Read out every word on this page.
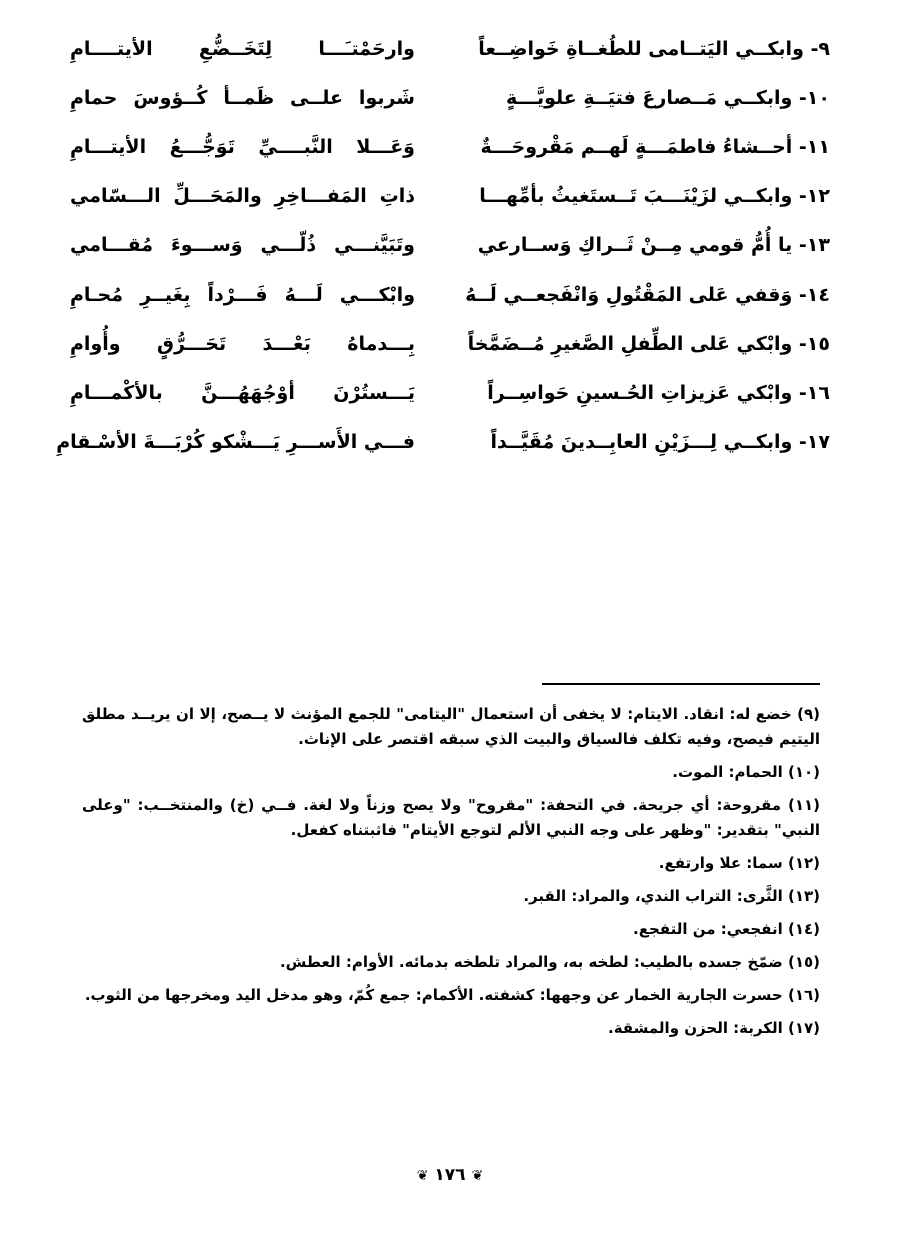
٩- وابكــي اليَتــامى للطُغــاةِ خَواضِــعاً
وارحَمْتـَـــا لِتَخَــضُّعِ الأيتــــامِ
١٠- وابكــي مَــصارعَ فتيَــةِ علويَّـــةٍ
شَربوا علــى ظَمــأ كُــؤوسَ حمامِ
١١- أحــشاءُ فاطمَـــةٍ لَهــم مَقْروحَـــةٌ
وَعَـــلا النَّبــــيِّ تَوَجُّـــعُ الأيتـــامِ
١٢- وابكــي لزَيْنَـــبَ تَــستَغيثُ بأمِّهـــا
ذاتِ المَفـــاخِرِ والمَحَـــلِّ الـــسّامي
١٣- يا أُمُّ قومي مِــنْ ثَــراكِ وَســارعي
وتَبَيَّنـــي ذُلّـــي وَســـوءَ مُقـــامي
١٤- وَقفي عَلى المَقْتُولِ وَانْفَجعــي لَــهُ
وابْكـــي لَـــهُ فَـــرْداً بِغَيــرِ مُحـامِ
١٥- وابْكي عَلى الطِّفلِ الصَّغيرِ مُــضَمَّخاً
بِـــدماهُ بَعْـــدَ تَحَـــرُّقٍ وأُوامِ
١٦- وابْكي عَزيزاتِ الحُـسينِ حَواسِــراً
يَـــستُرْنَ أوْجُهَهُـــنَّ بالأكْمـــامِ
١٧- وابكــي لِـــزَيْنِ العابِــدينَ مُقَيَّــداً
فـــي الأَســـرِ يَـــشْكو كُرْبَـــةَ الأسْـقامِ

(٩) خضع له: انقاد. الايتام: لا يخفى أن استعمال "اليتامى" للجمع المؤنث لا يــصح، إلا ان يريــد مطلق اليتيم فيصح، وفيه تكلف فالسياق والبيت الذي سبقه اقتصر على الإناث.

(١٠) الحمام: الموت.

(١١) مقروحة: أي جريحة. في التحفة: "مقروح" ولا يصح وزناً ولا لغة. فــي (خ) والمنتخــب: "وعلى النبي" بتقدير: "وظهر على وجه النبي الألم لتوجع الأيتام" فاثبتناه كفعل.

(١٢) سما: علا وارتفع.

(١٣) الثَّرى: التراب الندي، والمراد: القبر.

(١٤) انفجعي: من التفجع.

(١٥) ضمّخ جسده بالطيب: لطخه به، والمراد تلطخه بدمائه. الأوام: العطش.

(١٦) حسرت الجارية الخمار عن وجهها: كشفته. الأكمام: جمع كُمّ، وهو مدخل اليد ومخرجها من الثوب.

(١٧) الكربة: الحزن والمشقة.

❦١٧٦❦
